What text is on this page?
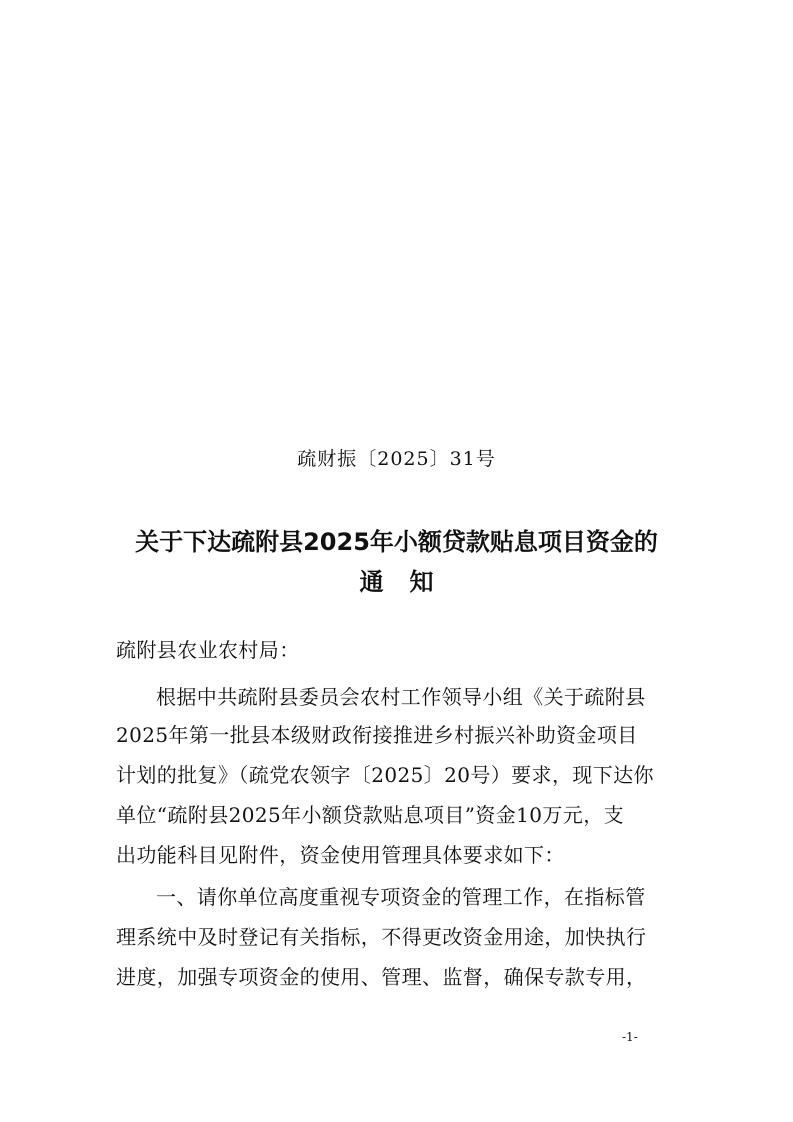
疏财振〔2025〕31号
关于下达疏附县2025年小额贷款贴息项目资金的
通知
疏附县农业农村局：
根据中共疏附县委员会农村工作领导小组《关于疏附县
2025年第一批县本级财政衔接推进乡村振兴补助资金项目
计划的批复》（疏党农领字〔2025〕20号）要求，现下达你
单位“疏附县2025年小额贷款贴息项目”资金10万元，支
出功能科目见附件，资金使用管理具体要求如下：
一、请你单位高度重视专项资金的管理工作，在指标管
理系统中及时登记有关指标，不得更改资金用途，加快执行
进度，加强专项资金的使用、管理、监督，确保专款专用，
-1-
